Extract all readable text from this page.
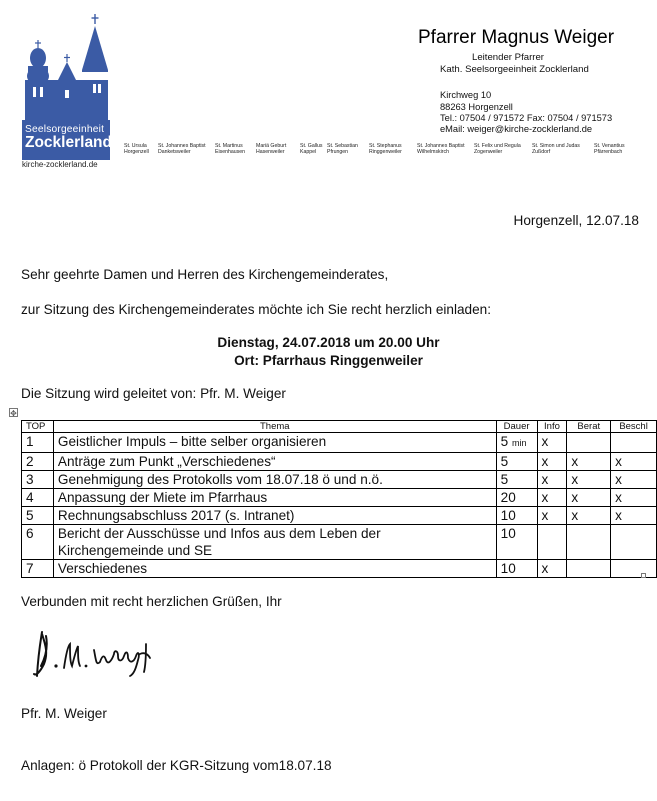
Seelsorgeeinheit
Zocklerland
kirche-zocklerland.de
St. Ursula
Horgenzell
St. Johannes Baptist
Danketsweiler
St. Martinus
Eisenhausen
Mariä Geburt
Hasenweiler
St. Gallus
Kappel
St. Sebastian
Pfrungen
St. Stephanus
Ringgenweiler
St. Johannes Baptist
Wilhelmskirch
St. Felix und Regula
Zogenweiler
St. Simon und Judas
Zußdorf
St. Venantius
Pfärrenbach
Pfarrer Magnus Weiger
Leitender Pfarrer
Kath. Seelsorgeeinheit Zocklerland
Kirchweg 10
88263 Horgenzell
Tel.: 07504 / 971572 Fax: 07504 / 971573
eMail: weiger@kirche-zocklerland.de
Horgenzell, 12.07.18
Sehr geehrte Damen und Herren des Kirchengemeinderates,
zur Sitzung des Kirchengemeinderates möchte ich Sie recht herzlich einladen:
Dienstag, 24.07.2018 um 20.00 Uhr
Ort: Pfarrhaus Ringgenweiler
Die Sitzung wird geleitet von: Pfr. M. Weiger
✥
TOP	Thema	Dauer	Info	Berat	Beschl
1	Geistlicher Impuls – bitte selber organisieren	5 min	x		
2	Anträge zum Punkt „Verschiedenes“	5	x	x	x
3	Genehmigung des Protokolls vom 18.07.18 ö und n.ö.	5	x	x	x
4	Anpassung der Miete im Pfarrhaus	20	x	x	x
5	Rechnungsabschluss 2017 (s. Intranet)	10	x	x	x
6	Bericht der Ausschüsse und Infos aus dem Leben der
Kirchengemeinde und SE	10			
7	Verschiedenes	10	x		
Verbunden mit recht herzlichen Grüßen, Ihr
Pfr. M. Weiger
Anlagen: ö Protokoll der KGR-Sitzung vom18.07.18
